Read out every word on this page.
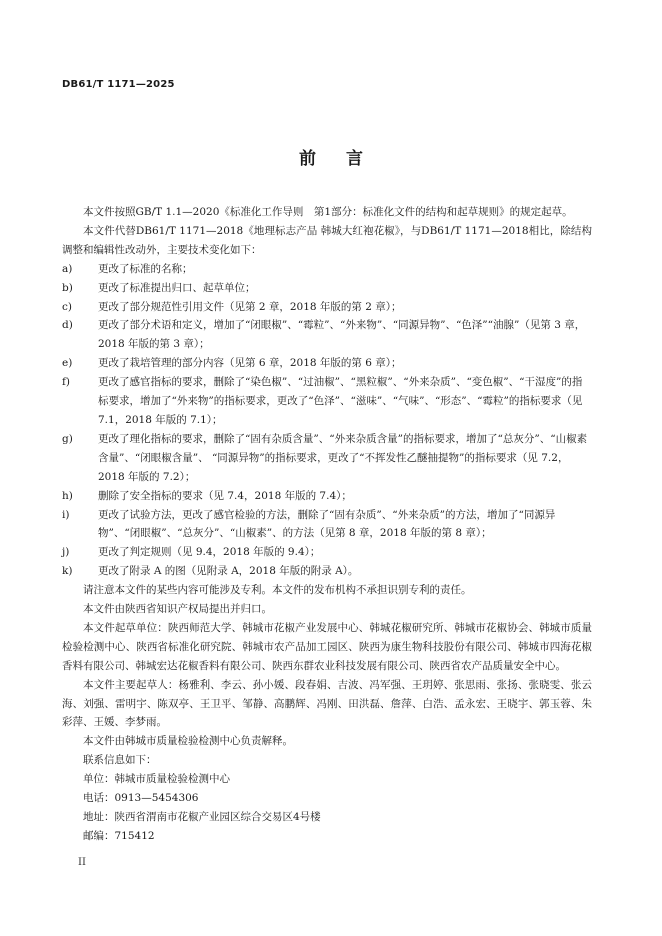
DB61/T 1171—2025
前言

本文件按照GB/T 1.1—2020《标准化工作导则　第1部分：标准化文件的结构和起草规则》的规定起草。

本文件代替DB61/T 1171—2018《地理标志产品 韩城大红袍花椒》，与DB61/T 1171—2018相比，除结构调整和编辑性改动外，主要技术变化如下：

a)	更改了标准的名称；

b)	更改了标准提出归口、起草单位；

c)	更改了部分规范性引用文件（见第 2 章，2018 年版的第 2 章）；

d)	更改了部分术语和定义，增加了“闭眼椒”、“霉粒”、“外来物”、“同源异物”、“色泽”“油腺”（见第 3 章，2018 年版的第 3 章）；

e)	更改了栽培管理的部分内容（见第 6 章，2018 年版的第 6 章）；

f)	更改了感官指标的要求，删除了“染色椒”、“过油椒”、“黑粒椒”、“外来杂质”、“变色椒”、“干湿度”的指标要求，增加了“外来物”的指标要求，更改了“色泽”、“滋味”、“气味”、“形态”、“霉粒”的指标要求（见 7.1，2018 年版的 7.1）；

g)	更改了理化指标的要求，删除了“固有杂质含量”、“外来杂质含量”的指标要求，增加了“总灰分”、“山椒素含量”、“闭眼椒含量”、 “同源异物”的指标要求，更改了“不挥发性乙醚抽提物”的指标要求（见 7.2，2018 年版的 7.2）；

h)	删除了安全指标的要求（见 7.4，2018 年版的 7.4）；

i)	更改了试验方法，更改了感官检验的方法，删除了“固有杂质”、“外来杂质”的方法，增加了“同源异物”、“闭眼椒”、“总灰分”、“山椒素”、的方法（见第 8 章，2018 年版的第 8 章）；

j)	更改了判定规则（见 9.4，2018 年版的 9.4）；

k)	更改了附录 A 的图（见附录 A，2018 年版的附录 A）。

请注意本文件的某些内容可能涉及专利。本文件的发布机构不承担识别专利的责任。

本文件由陕西省知识产权局提出并归口。

本文件起草单位：陕西师范大学、韩城市花椒产业发展中心、韩城花椒研究所、韩城市花椒协会、韩城市质量检验检测中心、陕西省标准化研究院、韩城市农产品加工园区、陕西为康生物科技股份有限公司、韩城市四海花椒香料有限公司、韩城宏达花椒香料有限公司、陕西东群农业科技发展有限公司、陕西省农产品质量安全中心。

本文件主要起草人：杨雅利、李云、孙小媛、段春娟、吉波、冯军强、王玥婷、张思雨、张扬、张晓雯、张云海、刘强、雷明宇、陈双亭、王卫平、邹静、高鹏辉、冯刚、田洪磊、詹萍、白浩、孟永宏、王晓宇、郭玉蓉、朱彩萍、王媛、李梦雨。

本文件由韩城市质量检验检测中心负责解释。

联系信息如下：

单位：韩城市质量检验检测中心

电话：0913—5454306

地址：陕西省渭南市花椒产业园区综合交易区4号楼

邮编：715412

II
